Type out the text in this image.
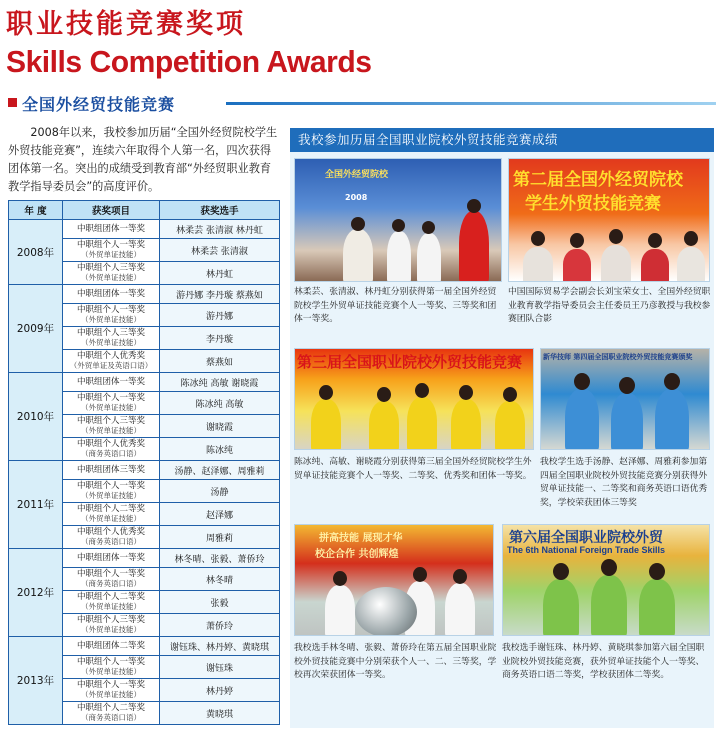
职业技能竞赛奖项
Skills Competition Awards
全国外经贸技能竞赛

2008年以来，我校参加历届“全国外经贸院校学生外贸技能竞赛”，连续六年取得个人第一名，四次获得团体第一名。突出的成绩受到教育部“外经贸职业教育教学指导委员会”的高度评价。

年 度	获奖项目	获奖选手
2008年	中职组团体一等奖	林柔芸 张清淑 林丹虹
	中职组个人一等奖
（外贸单证技能）	林柔芸 张清淑
	中职组个人三等奖
（外贸单证技能）	林丹虹
2009年	中职组团体一等奖	游丹娜 李丹璇 蔡燕如
	中职组个人一等奖
（外贸单证技能）	游丹娜
	中职组个人三等奖
（外贸单证技能）	李丹璇
	中职组个人优秀奖
（外贸单证及英语口语）	蔡燕如
2010年	中职组团体一等奖	陈冰纯 高敏 谢晓霞
	中职组个人一等奖
（外贸单证技能）	陈冰纯 高敏
	中职组个人三等奖
（外贸单证技能）	谢晓霞
	中职组个人优秀奖
（商务英语口语）	陈冰纯
2011年	中职组团体三等奖	汤静、赵泽娜、周雅莉
	中职组个人一等奖
（外贸单证技能）	汤静
	中职组个人二等奖
（外贸单证技能）	赵泽娜
	中职组个人优秀奖
（商务英语口语）	周雅莉
2012年	中职组团体一等奖	林冬晴、张毅、萧侨玲
	中职组个人一等奖
（商务英语口语）	林冬晴
	中职组个人二等奖
（外贸单证技能）	张毅
	中职组个人三等奖
（外贸单证技能）	萧侨玲
2013年	中职组团体二等奖	谢钰珠、林丹婷、黄晓琪
	中职组个人一等奖
（外贸单证技能）	谢钰珠
	中职组个人一等奖
（外贸单证技能）	林丹婷
	中职组个人二等奖
（商务英语口语）	黄晓琪
我校参加历届全国职业院校外贸技能竞赛成绩
全国外经贸院校
2008
林柔芸、张清淑、林丹虹分别获得第一届全国外经贸院校学生外贸单证技能竞赛个人一等奖、三等奖和团体一等奖。
第二届全国外经贸院校
学生外贸技能竞赛
中国国际贸易学会副会长刘宝荣女士、全国外经贸职业教育教学指导委员会主任委员王乃彦教授与我校参赛团队合影
第三届全国职业院校外贸技能竞赛
陈冰纯、高敏、谢晓霞分别获得第三届全国外经贸院校学生外贸单证技能竞赛个人一等奖、二等奖、优秀奖和团体一等奖。
新华技师 第四届全国职业院校外贸技能竞赛颁奖
我校学生选手汤静、赵泽娜、周雅莉参加第四届全国职业院校外贸技能竞赛分别获得外贸单证技能一、二等奖和商务英语口语优秀奖，学校荣获团体三等奖
拼高技能 展现才华
校企合作 共创辉煌
我校选手林冬晴、张毅、萧侨玲在第五届全国职业院校外贸技能竞赛中分别荣获个人一、二、三等奖，学校再次荣获团体一等奖。
第六届全国职业院校外贸
The 6th National Foreign Trade Skills
我校选手谢钰珠、林丹婷、黄晓琪参加第六届全国职业院校外贸技能竞赛，获外贸单证技能个人一等奖、商务英语口语二等奖，学校获团体二等奖。
